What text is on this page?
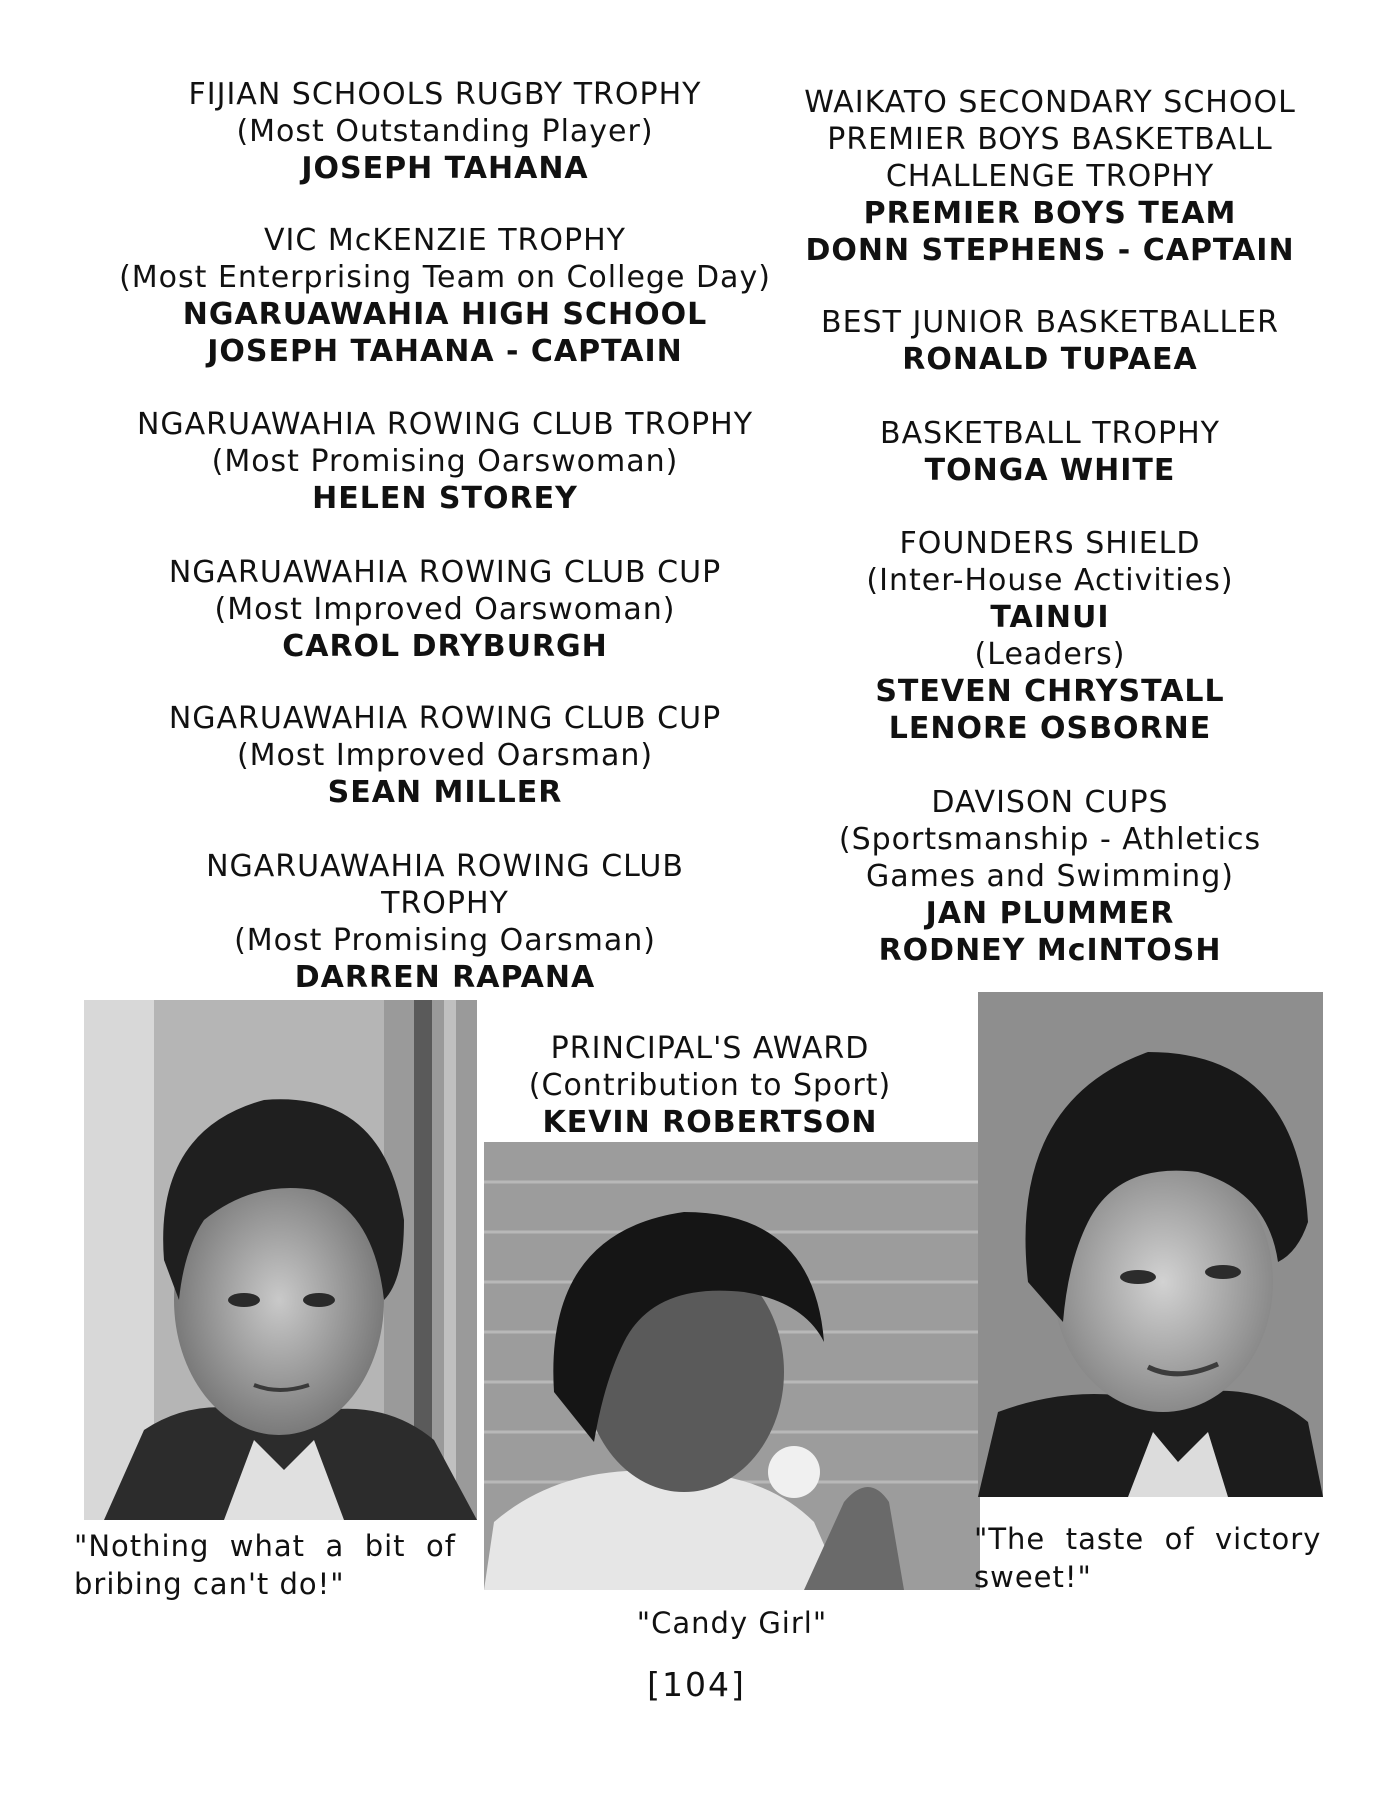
FIJIAN SCHOOLS RUGBY TROPHY
(Most Outstanding Player)
JOSEPH TAHANA
VIC McKENZIE TROPHY
(Most Enterprising Team on College Day)
NGARUAWAHIA HIGH SCHOOL
JOSEPH TAHANA - CAPTAIN
NGARUAWAHIA ROWING CLUB TROPHY
(Most Promising Oarswoman)
HELEN STOREY
NGARUAWAHIA ROWING CLUB CUP
(Most Improved Oarswoman)
CAROL DRYBURGH
NGARUAWAHIA ROWING CLUB CUP
(Most Improved Oarsman)
SEAN MILLER
NGARUAWAHIA ROWING CLUB
TROPHY
(Most Promising Oarsman)
DARREN RAPANA
WAIKATO SECONDARY SCHOOL
PREMIER BOYS BASKETBALL
CHALLENGE TROPHY
PREMIER BOYS TEAM
DONN STEPHENS - CAPTAIN
BEST JUNIOR BASKETBALLER
RONALD TUPAEA
BASKETBALL TROPHY
TONGA WHITE
FOUNDERS SHIELD
(Inter-House Activities)
TAINUI
(Leaders)
STEVEN CHRYSTALL
LENORE OSBORNE
DAVISON CUPS
(Sportsmanship - Athletics
Games and Swimming)
JAN PLUMMER
RODNEY McINTOSH
PRINCIPAL'S AWARD
(Contribution to Sport)
KEVIN ROBERTSON
"Nothing  what  a  bit  of
bribing can't do!"
"Candy Girl"
"The  taste  of  victory
sweet!"
[104]
